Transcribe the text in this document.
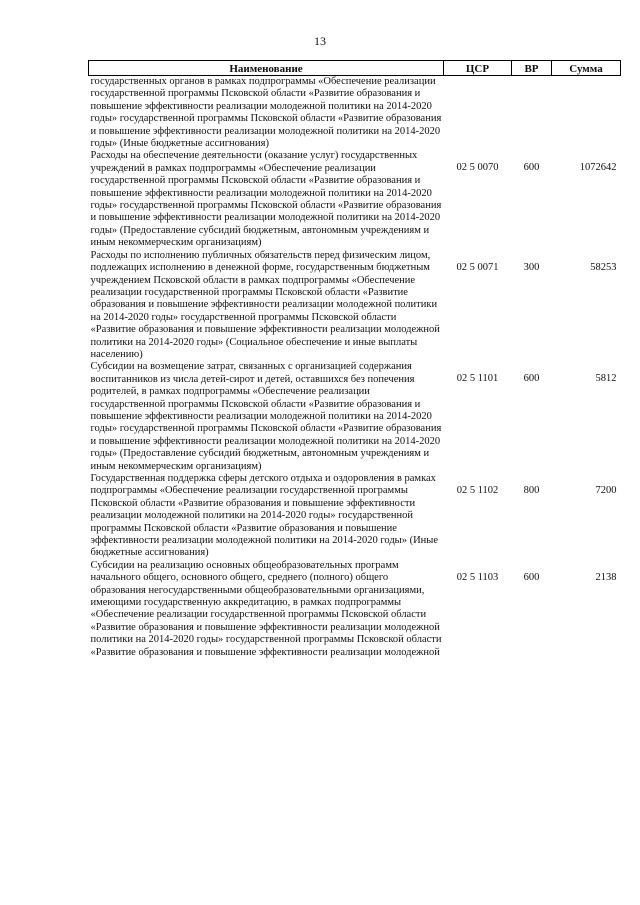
13
Наименование	ЦСР	ВР	Сумма
государственных органов в рамках подпрограммы «Обеспечение реализации государственной программы Псковской области «Развитие образования и повышение эффективности реализации молодежной политики на 2014-2020 годы» государственной программы Псковской области «Развитие образования и повышение эффективности реализации молодежной политики на 2014-2020 годы» (Иные бюджетные ассигнования)			
Расходы на обеспечение деятельности (оказание услуг) государственных учреждений в рамках подпрограммы «Обеспечение реализации государственной программы Псковской области «Развитие образования и повышение эффективности реализации молодежной политики на 2014-2020 годы» государственной программы Псковской области «Развитие образования и повышение эффективности реализации молодежной политики на 2014-2020 годы» (Предоставление субсидий бюджетным, автономным учреждениям и иным некоммерческим организациям)	02 5 0070	600	1072642
Расходы по исполнению публичных обязательств перед физическим лицом, подлежащих исполнению в денежной форме, государственным бюджетным учреждением Псковской области в рамках подпрограммы «Обеспечение реализации государственной программы Псковской области «Развитие образования и повышение эффективности реализации молодежной политики на 2014-2020 годы» государственной программы Псковской области «Развитие образования и повышение эффективности реализации молодежной политики на 2014-2020 годы» (Социальное обеспечение и иные выплаты населению)	02 5 0071	300	58253
Субсидии на возмещение затрат, связанных с организацией содержания воспитанников из числа детей-сирот и детей, оставшихся без попечения родителей, в рамках подпрограммы «Обеспечение реализации государственной программы Псковской области «Развитие образования и повышение эффективности реализации молодежной политики на 2014-2020 годы» государственной программы Псковской области «Развитие образования и повышение эффективности реализации молодежной политики на 2014-2020 годы» (Предоставление субсидий бюджетным, автономным учреждениям и иным некоммерческим организациям)	02 5 1101	600	5812
Государственная поддержка сферы детского отдыха и оздоровления в рамках подпрограммы «Обеспечение реализации государственной программы Псковской области «Развитие образования и повышение эффективности реализации молодежной политики на 2014-2020 годы» государственной программы Псковской области «Развитие образования и повышение эффективности реализации молодежной политики на 2014-2020 годы» (Иные бюджетные ассигнования)	02 5 1102	800	7200
Субсидии на реализацию основных общеобразовательных программ начального общего, основного общего, среднего (полного) общего образования негосударственными общеобразовательными организациями, имеющими государственную аккредитацию, в рамках подпрограммы «Обеспечение реализации государственной программы Псковской области «Развитие образования и повышение эффективности реализации молодежной политики на 2014-2020 годы» государственной программы Псковской области «Развитие образования и повышение эффективности реализации молодежной	02 5 1103	600	2138
